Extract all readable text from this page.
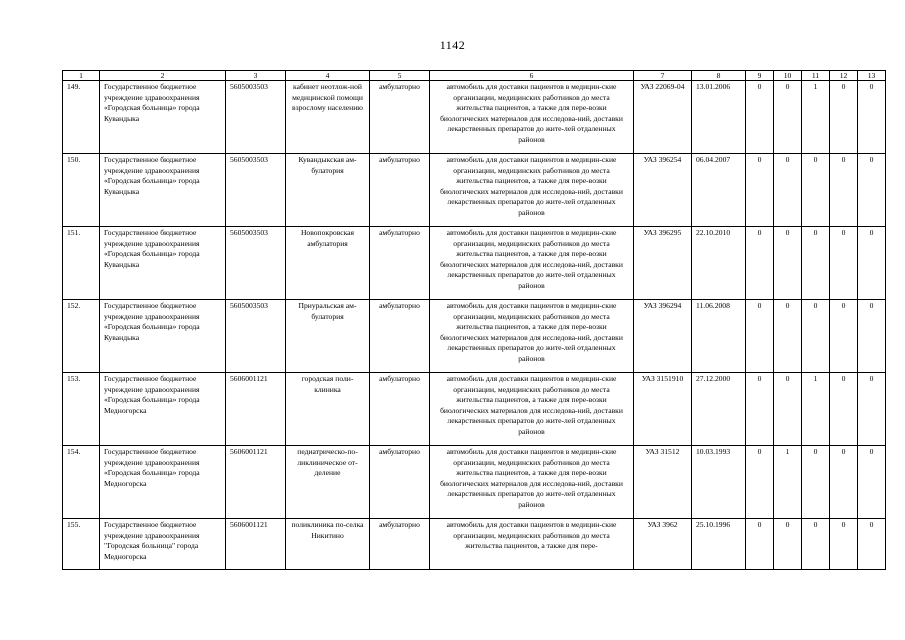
1142
1	2	3	4	5	6	7	8	9	10	11	12	13
149.	Государственное бюджетное учреждение здравоохранения «Городская больница» города Кувандыка	5605003503	кабинет неотлож-ной медицинской помощи взрослому населению	амбулаторно	автомобиль для доставки пациентов в медицин-ские организации, медицинских работников до места жительства пациентов, а также для пере-возки биологических материалов для исследова-ний, доставки лекарственных препаратов до жите-лей отдаленных районов	УАЗ 22069-04	13.01.2006	0	0	1	0	0
150.	Государственное бюджетное учреждение здравоохранения «Городская больница» города Кувандыка	5605003503	Кувандыкская ам-булатория	амбулаторно	автомобиль для доставки пациентов в медицин-ские организации, медицинских работников до места жительства пациентов, а также для пере-возки биологических материалов для исследова-ний, доставки лекарственных препаратов до жите-лей отдаленных районов	УАЗ 396254	06.04.2007	0	0	0	0	0
151.	Государственное бюджетное учреждение здравоохранения «Городская больница» города Кувандыка	5605003503	Новопокровская амбулатория	амбулаторно	автомобиль для доставки пациентов в медицин-ские организации, медицинских работников до места жительства пациентов, а также для пере-возки биологических материалов для исследова-ний, доставки лекарственных препаратов до жите-лей отдаленных районов	УАЗ 396295	22.10.2010	0	0	0	0	0
152.	Государственное бюджетное учреждение здравоохранения «Городская больница» города Кувандыка	5605003503	Приуральская ам-булатория	амбулаторно	автомобиль для доставки пациентов в медицин-ские организации, медицинских работников до места жительства пациентов, а также для пере-возки биологических материалов для исследова-ний, доставки лекарственных препаратов до жите-лей отдаленных районов	УАЗ 396294	11.06.2008	0	0	0	0	0
153.	Государственное бюджетное учреждение здравоохранения «Городская больница» города Медногорска	5606001121	городская поли-клиника	амбулаторно	автомобиль для доставки пациентов в медицин-ские организации, медицинских работников до места жительства пациентов, а также для пере-возки биологических материалов для исследова-ний, доставки лекарственных препаратов до жите-лей отдаленных районов	УАЗ 3151910	27.12.2000	0	0	1	0	0
154.	Государственное бюджетное учреждение здравоохранения «Городская больница» города Медногорска	5606001121	педиатрическо-по-ликлиническое от-деление	амбулаторно	автомобиль для доставки пациентов в медицин-ские организации, медицинских работников до места жительства пациентов, а также для пере-возки биологических материалов для исследова-ний, доставки лекарственных препаратов до жите-лей отдаленных районов	УАЗ 31512	10.03.1993	0	1	0	0	0
155.	Государственное бюджетное учреждение здравоохранения "Городская больница" города Медногорска	5606001121	поликлиника по-селка Никитино	амбулаторно	автомобиль для доставки пациентов в медицин-ские организации, медицинских работников до места жительства пациентов, а также для пере-	УАЗ 3962	25.10.1996	0	0	0	0	0
